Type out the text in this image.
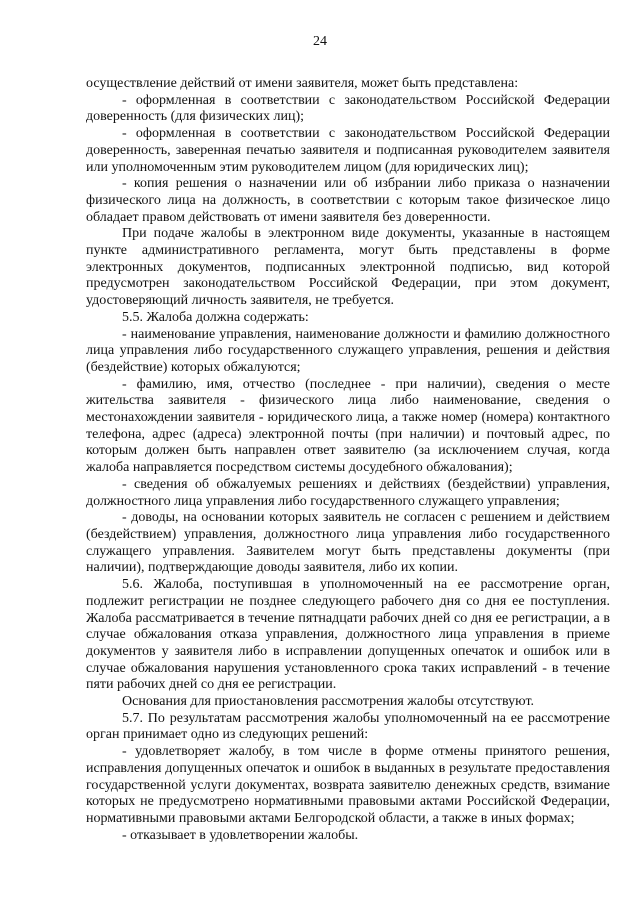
24

осуществление действий от имени заявителя, может быть представлена:

- оформленная в соответствии с законодательством Российской Федерации доверенность (для физических лиц);

- оформленная в соответствии с законодательством Российской Федерации доверенность, заверенная печатью заявителя и подписанная руководителем заявителя или уполномоченным этим руководителем лицом (для юридических лиц);

- копия решения о назначении или об избрании либо приказа о назначении физического лица на должность, в соответствии с которым такое физическое лицо обладает правом действовать от имени заявителя без доверенности.

При подаче жалобы в электронном виде документы, указанные в настоящем пункте административного регламента, могут быть представлены в форме электронных документов, подписанных электронной подписью, вид которой предусмотрен законодательством Российской Федерации, при этом документ, удостоверяющий личность заявителя, не требуется.

5.5. Жалоба должна содержать:

- наименование управления, наименование должности и фамилию должностного лица управления либо государственного служащего управления, решения и действия (бездействие) которых обжалуются;

- фамилию, имя, отчество (последнее - при наличии), сведения о месте жительства заявителя - физического лица либо наименование, сведения о местонахождении заявителя - юридического лица, а также номер (номера) контактного телефона, адрес (адреса) электронной почты (при наличии) и почтовый адрес, по которым должен быть направлен ответ заявителю (за исключением случая, когда жалоба направляется посредством системы досудебного обжалования);

- сведения об обжалуемых решениях и действиях (бездействии) управления, должностного лица управления либо государственного служащего управления;

- доводы, на основании которых заявитель не согласен с решением и действием (бездействием) управления, должностного лица управления либо государственного служащего управления. Заявителем могут быть представлены документы (при наличии), подтверждающие доводы заявителя, либо их копии.

5.6. Жалоба, поступившая в уполномоченный на ее рассмотрение орган, подлежит регистрации не позднее следующего рабочего дня со дня ее поступления. Жалоба рассматривается в течение пятнадцати рабочих дней со дня ее регистрации, а в случае обжалования отказа управления, должностного лица управления в приеме документов у заявителя либо в исправлении допущенных опечаток и ошибок или в случае обжалования нарушения установленного срока таких исправлений - в течение пяти рабочих дней со дня ее регистрации.

Основания для приостановления рассмотрения жалобы отсутствуют.

5.7. По результатам рассмотрения жалобы уполномоченный на ее рассмотрение орган принимает одно из следующих решений:

- удовлетворяет жалобу, в том числе в форме отмены принятого решения, исправления допущенных опечаток и ошибок в выданных в результате предоставления государственной услуги документах, возврата заявителю денежных средств, взимание которых не предусмотрено нормативными правовыми актами Российской Федерации, нормативными правовыми актами Белгородской области, а также в иных формах;

- отказывает в удовлетворении жалобы.
